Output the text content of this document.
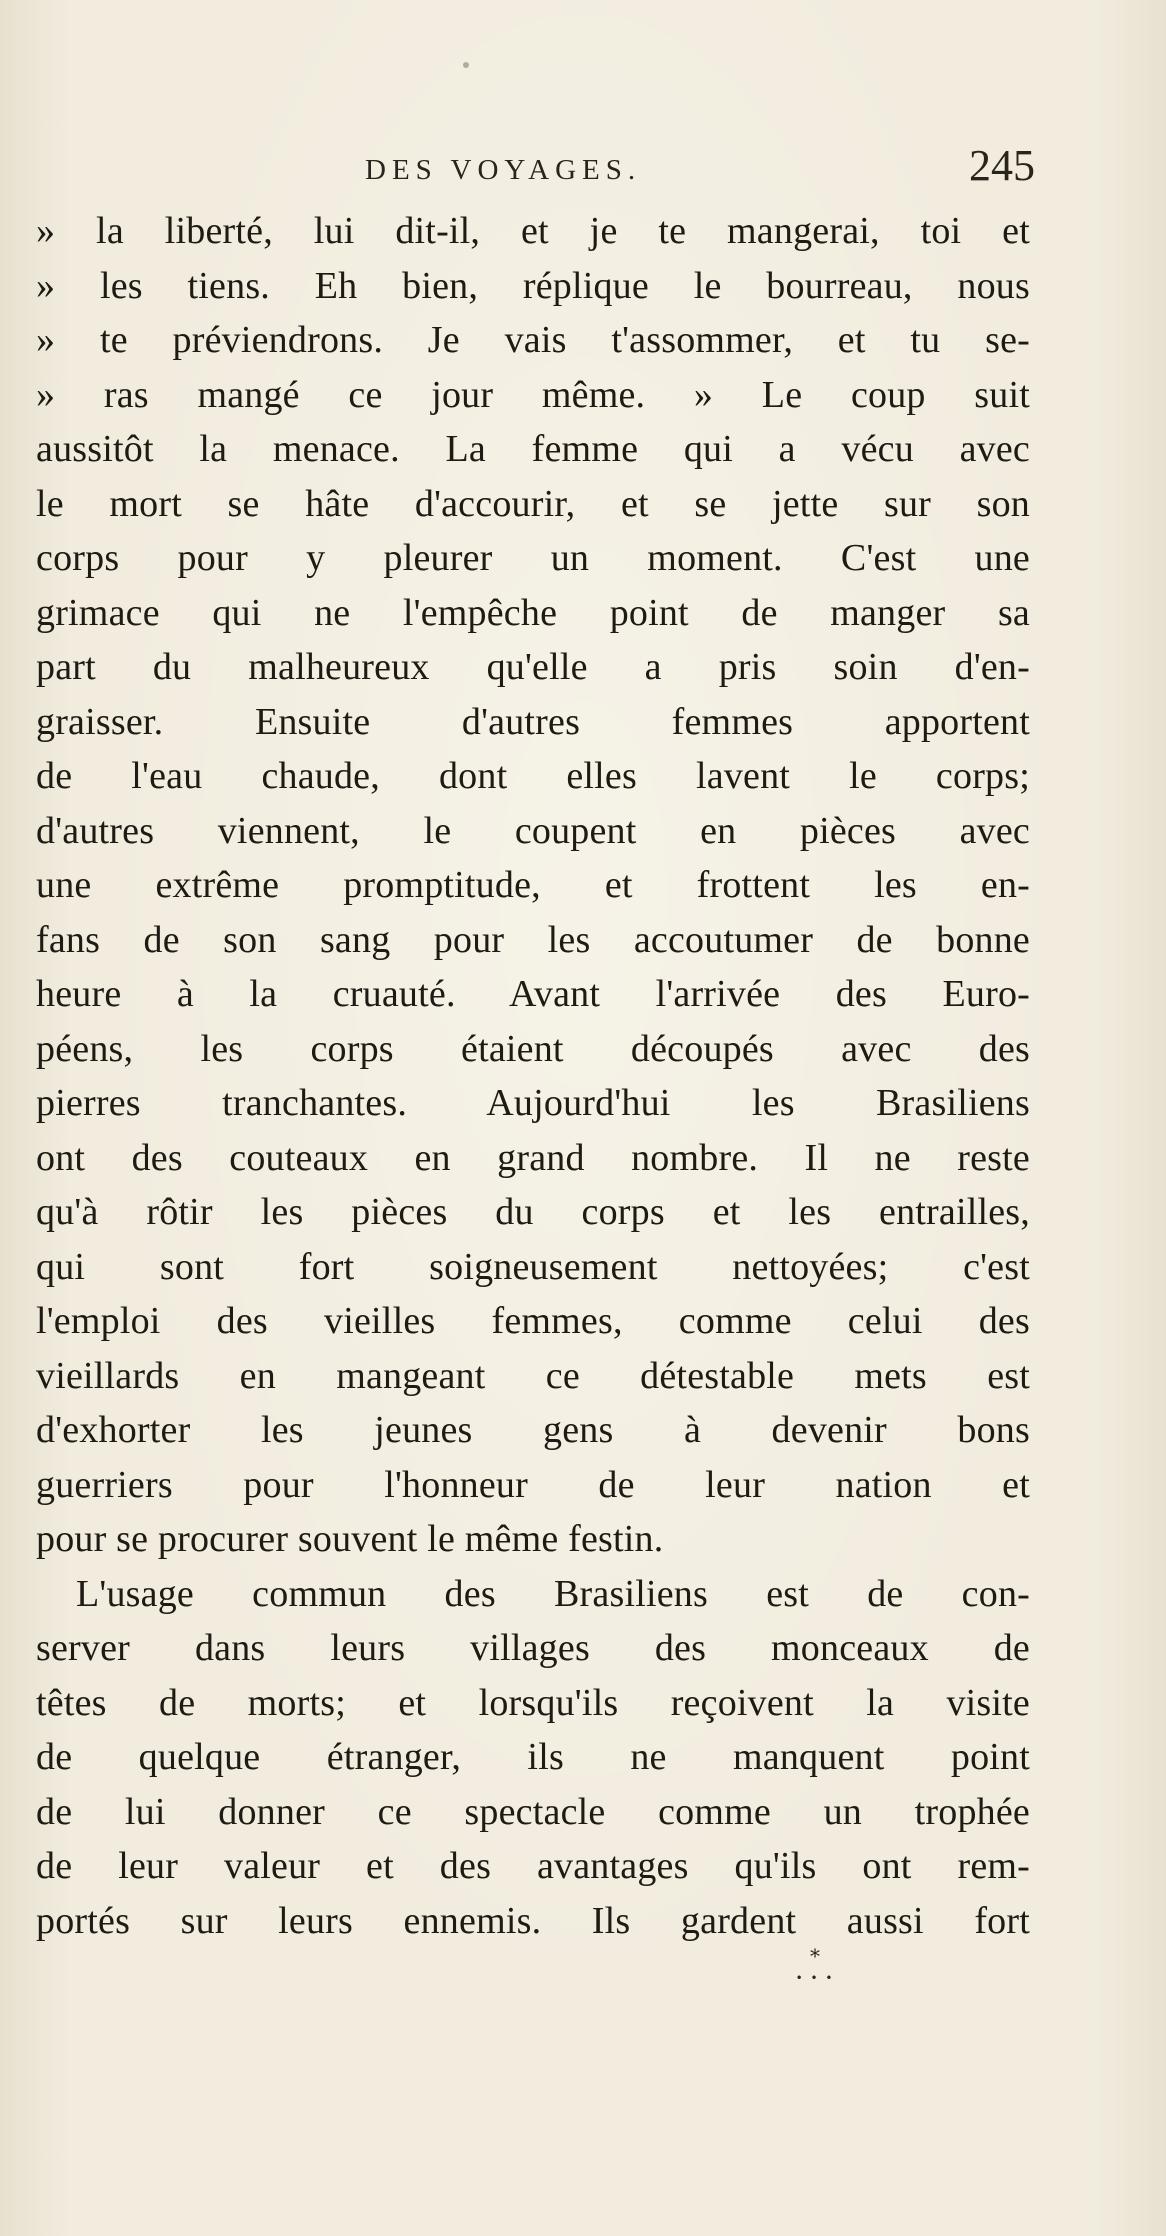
DES VOYAGES.	245
» la liberté, lui dit-il, et je te mangerai, toi et
» les tiens. Eh bien, réplique le bourreau, nous
» te préviendrons. Je vais t'assommer, et tu se-
» ras mangé ce jour même. » Le coup suit
aussitôt la menace. La femme qui a vécu avec
le mort se hâte d'accourir, et se jette sur son
corps pour y pleurer un moment. C'est une
grimace qui ne l'empêche point de manger sa
part du malheureux qu'elle a pris soin d'en-
graisser. Ensuite d'autres femmes apportent
de l'eau chaude, dont elles lavent le corps;
d'autres viennent, le coupent en pièces avec
une extrême promptitude, et frottent les en-
fans de son sang pour les accoutumer de bonne
heure à la cruauté. Avant l'arrivée des Euro-
péens, les corps étaient découpés avec des
pierres tranchantes. Aujourd'hui les Brasiliens
ont des couteaux en grand nombre. Il ne reste
qu'à rôtir les pièces du corps et les entrailles,
qui sont fort soigneusement nettoyées; c'est
l'emploi des vieilles femmes, comme celui des
vieillards en mangeant ce détestable mets est
d'exhorter les jeunes gens à devenir bons
guerriers pour l'honneur de leur nation et
pour se procurer souvent le même festin.
L'usage commun des Brasiliens est de con-
server dans leurs villages des monceaux de
têtes de morts; et lorsqu'ils reçoivent la visite
de quelque étranger, ils ne manquent point
de lui donner ce spectacle comme un trophée
de leur valeur et des avantages qu'ils ont rem-
portés sur leurs ennemis. Ils gardent aussi fort
*
• • •
